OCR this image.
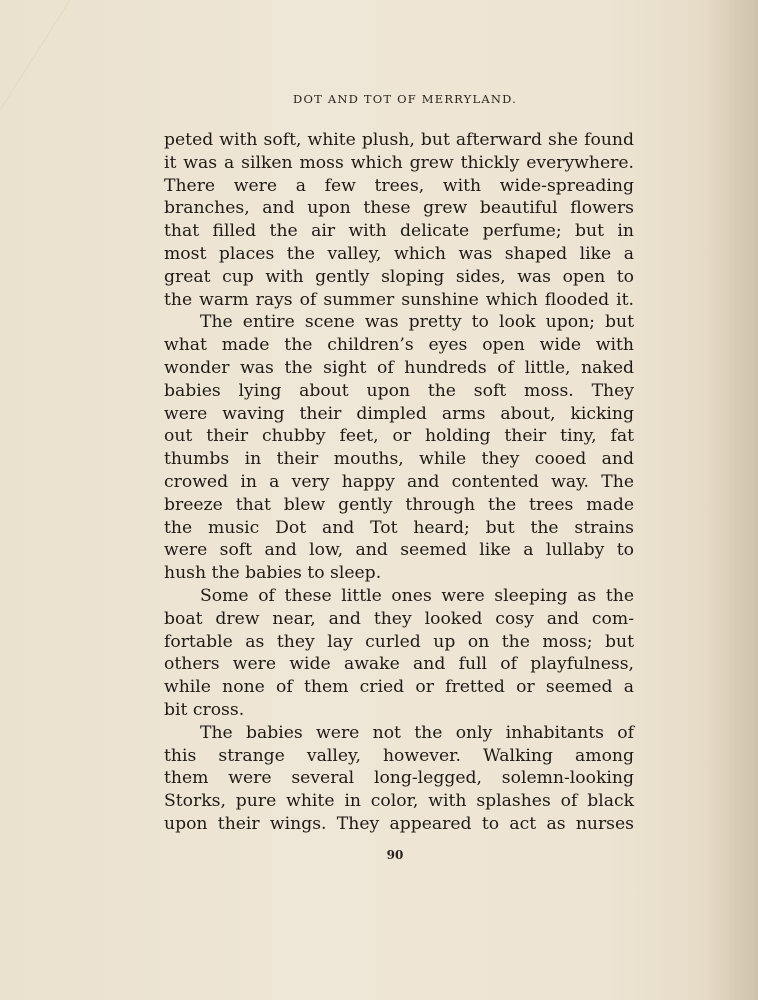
DOT AND TOT OF MERRYLAND.
peted with soft, white plush, but afterward she found
it was a silken moss which grew thickly everywhere.
There were a few trees, with wide-spreading
branches, and upon these grew beautiful flowers
that filled the air with delicate perfume; but in
most places the valley, which was shaped like a
great cup with gently sloping sides, was open to
the warm rays of summer sunshine which flooded it.
The entire scene was pretty to look upon; but
what made the children’s eyes open wide with
wonder was the sight of hundreds of little, naked
babies lying about upon the soft moss. They
were waving their dimpled arms about, kicking
out their chubby feet, or holding their tiny, fat
thumbs in their mouths, while they cooed and
crowed in a very happy and contented way. The
breeze that blew gently through the trees made
the music Dot and Tot heard; but the strains
were soft and low, and seemed like a lullaby to
hush the babies to sleep.
Some of these little ones were sleeping as the
boat drew near, and they looked cosy and com-
fortable as they lay curled up on the moss; but
others were wide awake and full of playfulness,
while none of them cried or fretted or seemed a
bit cross.
The babies were not the only inhabitants of
this strange valley, however. Walking among
them were several long-legged, solemn-looking
Storks, pure white in color, with splashes of black
upon their wings. They appeared to act as nurses
90
